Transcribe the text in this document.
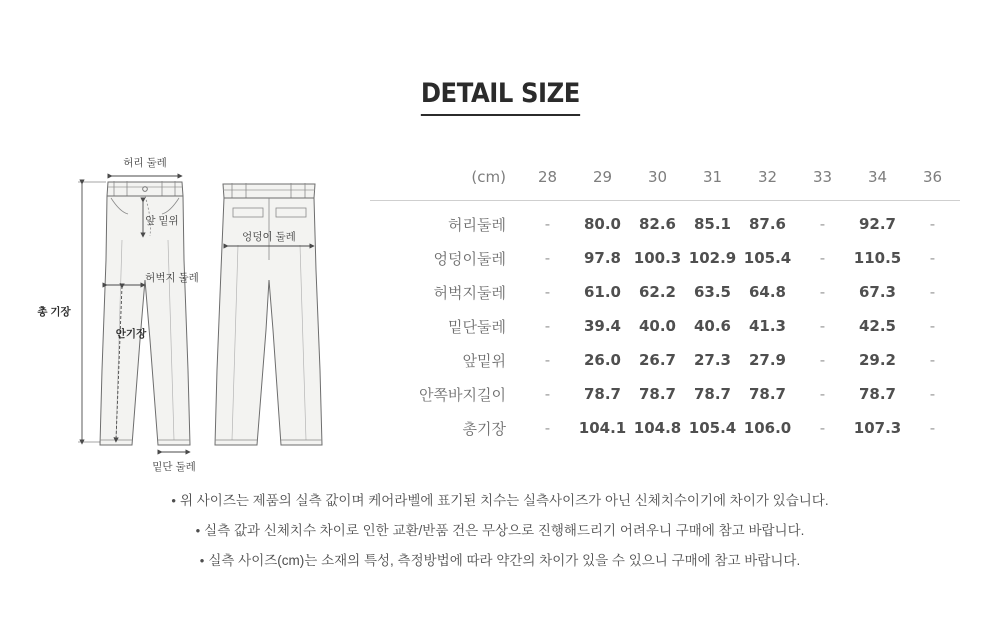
DETAIL SIZE
허리 둘레
총 기장
앞 밑위
허벅지 둘레
안기장
밑단 둘레
엉덩이 둘레
(cm)	28	29	30	31	32	33	34	36
허리둘레	-	80.0	82.6	85.1	87.6	-	92.7	-
엉덩이둘레	-	97.8	100.3	102.9	105.4	-	110.5	-
허벅지둘레	-	61.0	62.2	63.5	64.8	-	67.3	-
밑단둘레	-	39.4	40.0	40.6	41.3	-	42.5	-
앞밑위	-	26.0	26.7	27.3	27.9	-	29.2	-
안쪽바지길이	-	78.7	78.7	78.7	78.7	-	78.7	-
총기장	-	104.1	104.8	105.4	106.0	-	107.3	-
• 위 사이즈는 제품의 실측 값이며 케어라벨에 표기된 치수는 실측사이즈가 아닌 신체치수이기에 차이가 있습니다.
• 실측 값과 신체치수 차이로 인한 교환/반품 건은 무상으로 진행해드리기 어려우니 구매에 참고 바랍니다.
• 실측 사이즈(cm)는 소재의 특성, 측정방법에 따라 약간의 차이가 있을 수 있으니 구매에 참고 바랍니다.
